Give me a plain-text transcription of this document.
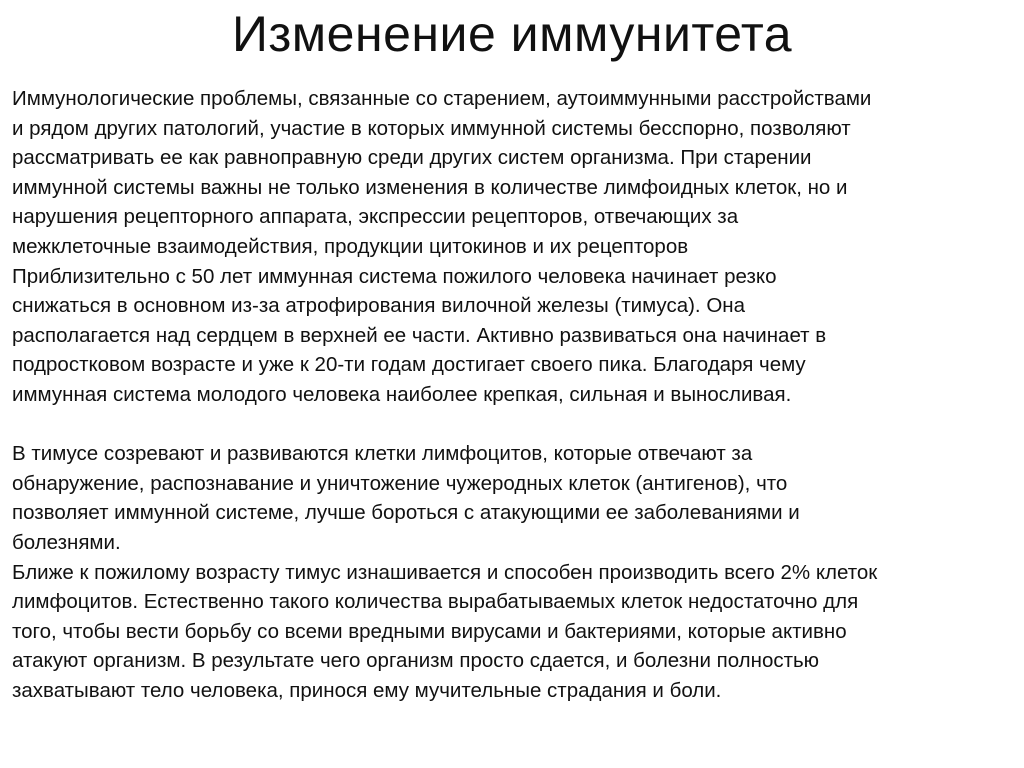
Изменение иммунитета
Иммунологические проблемы, связанные со старением, аутоиммунными расстройствами
и рядом других патологий, участие в которых иммунной системы бесспорно, позволяют
рассматривать ее как равноправную среди других систем организма. При старении
иммунной системы важны не только изменения в количестве лимфоидных клеток, но и
нарушения рецепторного аппарата, экспрессии рецепторов, отвечающих за
межклеточные взаимодействия, продукции цитокинов и их рецепторов
Приблизительно с 50 лет иммунная система пожилого человека начинает резко
снижаться в основном из-за атрофирования вилочной железы (тимуса). Она
располагается над сердцем в верхней ее части. Активно развиваться она начинает в
подростковом возрасте и уже к 20-ти годам достигает своего пика. Благодаря чему
иммунная система молодого человека наиболее крепкая, сильная и выносливая.
В тимусе созревают и развиваются клетки лимфоцитов, которые отвечают за
обнаружение, распознавание и уничтожение чужеродных клеток (антигенов), что
позволяет иммунной системе, лучше бороться с атакующими ее заболеваниями и
болезнями.
Ближе к пожилому возрасту тимус изнашивается и способен производить всего 2% клеток
лимфоцитов. Естественно такого количества вырабатываемых клеток недостаточно для
того, чтобы вести борьбу со всеми вредными вирусами и бактериями, которые активно
атакуют организм. В результате чего организм просто сдается, и болезни полностью
захватывают тело человека, принося ему мучительные страдания и боли.
